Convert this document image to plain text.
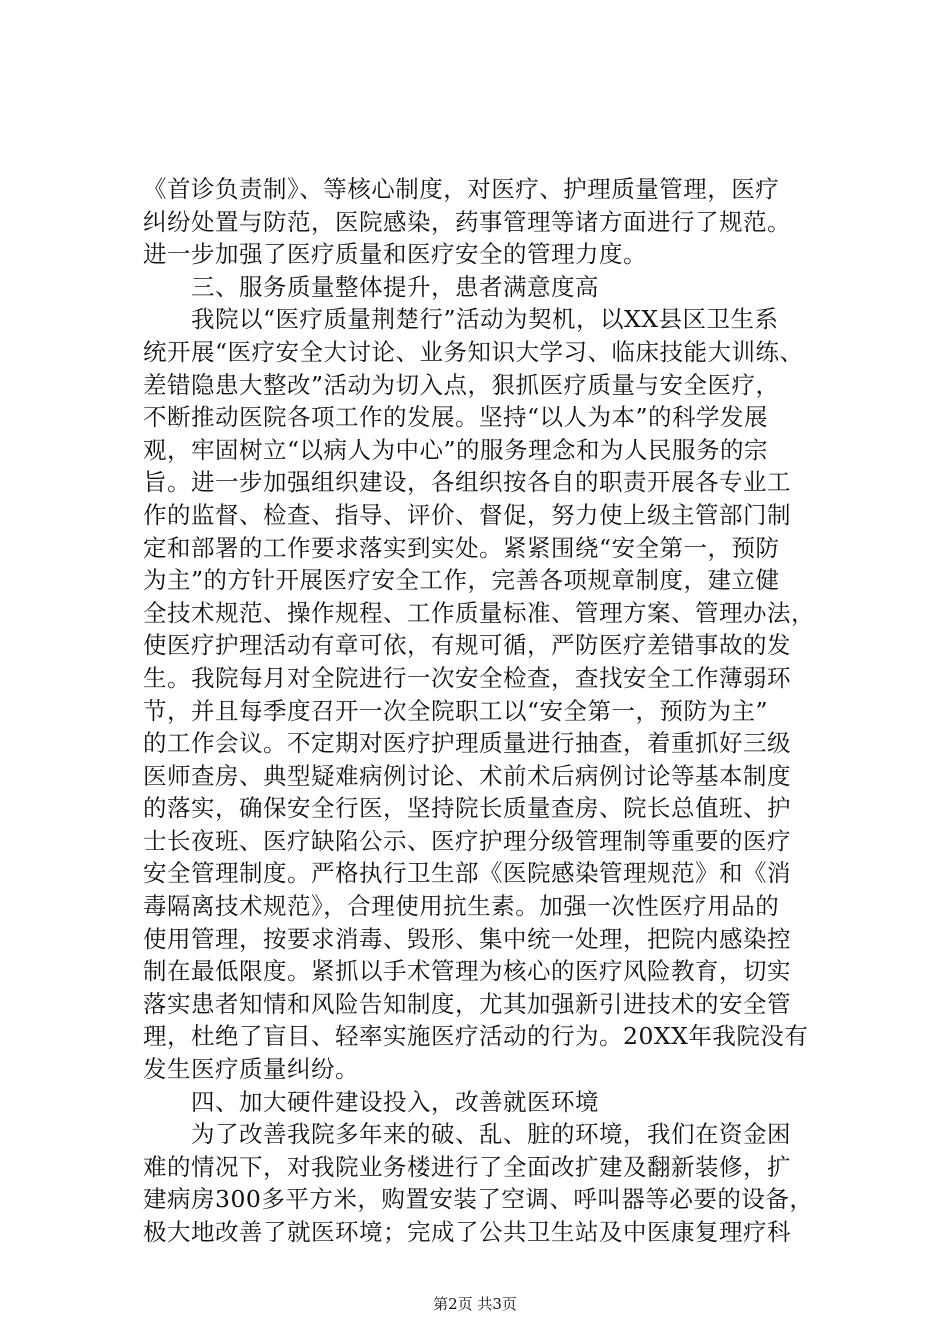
《首诊负责制》、等核心制度，对医疗、护理质量管理，医疗
纠纷处置与防范，医院感染，药事管理等诸方面进行了规范。
进一步加强了医疗质量和医疗安全的管理力度。
　　三、服务质量整体提升，患者满意度高
　　我院以“医疗质量荆楚行”活动为契机，以XX县区卫生系
统开展“医疗安全大讨论、业务知识大学习、临床技能大训练、
差错隐患大整改”活动为切入点，狠抓医疗质量与安全医疗，
不断推动医院各项工作的发展。坚持“以人为本”的科学发展
观，牢固树立“以病人为中心”的服务理念和为人民服务的宗
旨。进一步加强组织建设，各组织按各自的职责开展各专业工
作的监督、检查、指导、评价、督促，努力使上级主管部门制
定和部署的工作要求落实到实处。紧紧围绕“安全第一，预防
为主”的方针开展医疗安全工作，完善各项规章制度，建立健
全技术规范、操作规程、工作质量标准、管理方案、管理办法，
使医疗护理活动有章可依，有规可循，严防医疗差错事故的发
生。我院每月对全院进行一次安全检查，查找安全工作薄弱环
节，并且每季度召开一次全院职工以“安全第一，预防为主”
的工作会议。不定期对医疗护理质量进行抽查，着重抓好三级
医师查房、典型疑难病例讨论、术前术后病例讨论等基本制度
的落实，确保安全行医，坚持院长质量查房、院长总值班、护
士长夜班、医疗缺陷公示、医疗护理分级管理制等重要的医疗
安全管理制度。严格执行卫生部《医院感染管理规范》和《消
毒隔离技术规范》，合理使用抗生素。加强一次性医疗用品的
使用管理，按要求消毒、毁形、集中统一处理，把院内感染控
制在最低限度。紧抓以手术管理为核心的医疗风险教育，切实
落实患者知情和风险告知制度，尤其加强新引进技术的安全管
理，杜绝了盲目、轻率实施医疗活动的行为。20XX年我院没有
发生医疗质量纠纷。
　　四、加大硬件建设投入，改善就医环境
　　为了改善我院多年来的破、乱、脏的环境，我们在资金困
难的情况下，对我院业务楼进行了全面改扩建及翻新装修，扩
建病房300多平方米，购置安装了空调、呼叫器等必要的设备，
极大地改善了就医环境；完成了公共卫生站及中医康复理疗科
第2页 共3页
